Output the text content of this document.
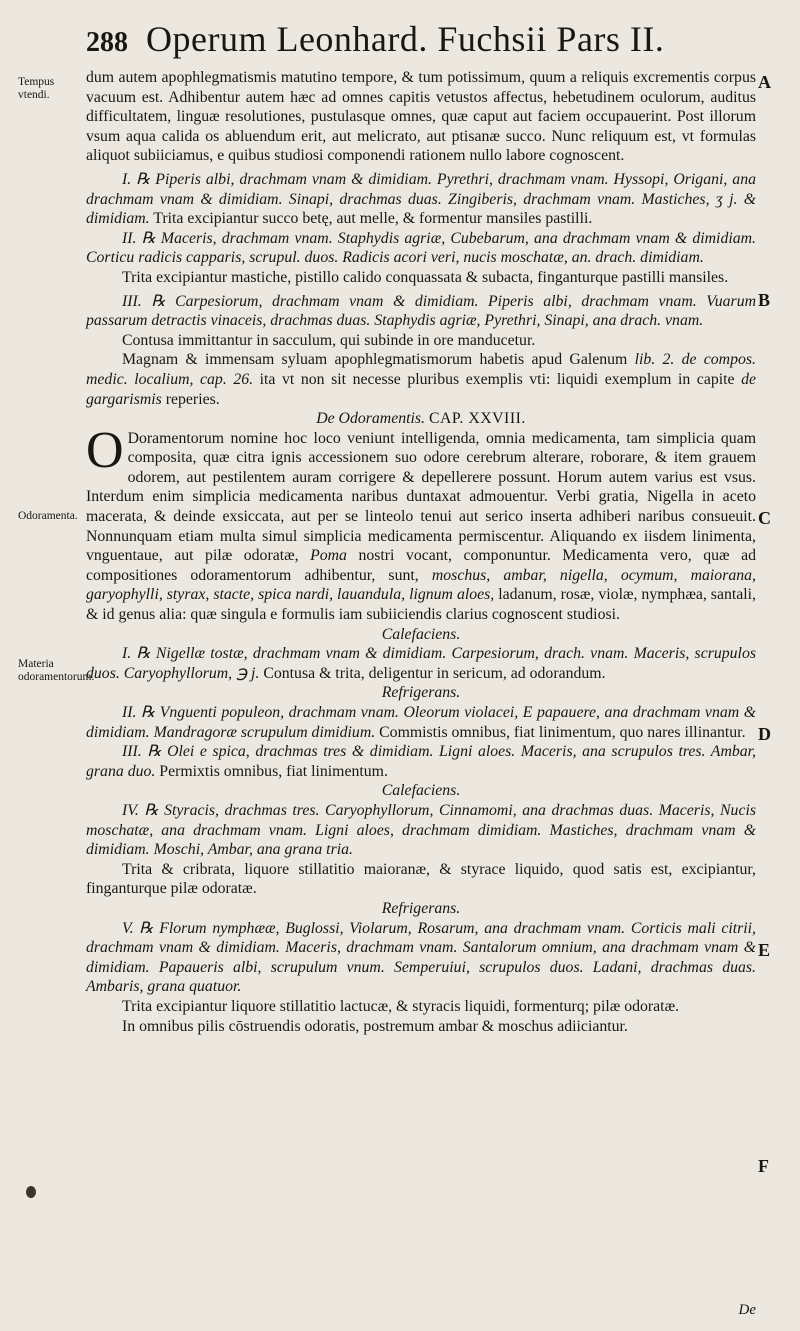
288 Operum Leonhard. Fuchsii Pars II.
Tempus vtendi.
Odoramenta.
Materia odoramentorum.
A
B
C
D
E
F

dum autem apophlegmatismis matutino tempore, & tum potissimum, quum a reliquis excrementis corpus vacuum est. Adhibentur autem hæc ad omnes capitis vetustos affectus, hebetudinem oculorum, auditus difficultatem, linguæ resolutiones, pustulasque omnes, quæ caput aut faciem occupauerint. Post illorum vsum aqua calida os abluendum erit, aut melicrato, aut ptisanæ succo. Nunc reliquum est, vt formulas aliquot subiiciamus, e quibus studiosi componendi rationem nullo labore cognoscent.

I. ℞ Piperis albi, drachmam vnam & dimidiam. Pyrethri, drachmam vnam. Hyssopi, Origani, ana drachmam vnam & dimidiam. Sinapi, drachmas duas. Zingiberis, drachmam vnam. Mastiches, ʒ j. & dimidiam. Trita excipiantur succo betę, aut melle, & formentur mansiles pastilli.

II. ℞ Maceris, drachmam vnam. Staphydis agriæ, Cubebarum, ana drachmam vnam & dimidiam. Corticu radicis capparis, scrupul. duos. Radicis acori veri, nucis moschatæ, an. drach. dimidiam.

Trita excipiantur mastiche, pistillo calido conquassata & subacta, finganturque pastilli mansiles.

III. ℞ Carpesiorum, drachmam vnam & dimidiam. Piperis albi, drachmam vnam. Vuarum passarum detractis vinaceis, drachmas duas. Staphydis agriæ, Pyrethri, Sinapi, ana drach. vnam.

Contusa immittantur in sacculum, qui subinde in ore manducetur.

Magnam & immensam syluam apophlegmatismorum habetis apud Galenum lib. 2. de compos. medic. localium, cap. 26. ita vt non sit necesse pluribus exemplis vti: liquidi exemplum in capite de gargarismis reperies.

De Odoramentis. CAP. XXVIII.

O Doramentorum nomine hoc loco veniunt intelligenda, omnia medicamenta, tam simplicia quam composita, quæ citra ignis accessionem suo odore cerebrum alterare, roborare, & item grauem odorem, aut pestilentem auram corrigere & depellerere possunt. Horum autem varius est vsus. Interdum enim simplicia medicamenta naribus duntaxat admouentur. Verbi gratia, Nigella in aceto macerata, & deinde exsiccata, aut per se linteolo tenui aut serico inserta adhiberi naribus consueuit. Nonnunquam etiam multa simul simplicia medicamenta permiscentur. Aliquando ex iisdem linimenta, vnguentaue, aut pilæ odoratæ, Poma nostri vocant, componuntur. Medicamenta vero, quæ ad compositiones odoramentorum adhibentur, sunt, moschus, ambar, nigella, ocymum, maiorana, garyophylli, styrax, stacte, spica nardi, lauandula, lignum aloes, ladanum, rosæ, violæ, nymphæa, santali, & id genus alia: quæ singula e formulis iam subiiciendis clarius cognoscent studiosi.

Calefaciens.

I. ℞ Nigellæ tostæ, drachmam vnam & dimidiam. Carpesiorum, drach. vnam. Maceris, scrupulos duos. Caryophyllorum, ℈ j. Contusa & trita, deligentur in sericum, ad odorandum.

Refrigerans.

II. ℞ Vnguenti populeon, drachmam vnam. Oleorum violacei, E papauere, ana drachmam vnam & dimidiam. Mandragoræ scrupulum dimidium. Commistis omnibus, fiat linimentum, quo nares illinantur.

III. ℞ Olei e spica, drachmas tres & dimidiam. Ligni aloes. Maceris, ana scrupulos tres. Ambar, grana duo. Permixtis omnibus, fiat linimentum.

Calefaciens.

IV. ℞ Styracis, drachmas tres. Caryophyllorum, Cinnamomi, ana drachmas duas. Maceris, Nucis moschatæ, ana drachmam vnam. Ligni aloes, drachmam dimidiam. Mastiches, drachmam vnam & dimidiam. Moschi, Ambar, ana grana tria.

Trita & cribrata, liquore stillatitio maioranæ, & styrace liquido, quod satis est, excipiantur, finganturque pilæ odoratæ.

Refrigerans.

V. ℞ Florum nymphææ, Buglossi, Violarum, Rosarum, ana drachmam vnam. Corticis mali citrii, drachmam vnam & dimidiam. Maceris, drachmam vnam. Santalorum omnium, ana drachmam vnam & dimidiam. Papaueris albi, scrupulum vnum. Semperuiui, scrupulos duos. Ladani, drachmas duas. Ambaris, grana quatuor.

Trita excipiantur liquore stillatitio lactucæ, & styracis liquidi, formenturq; pilæ odoratæ.

In omnibus pilis cōstruendis odoratis, postremum ambar & moschus adiiciantur.

De
